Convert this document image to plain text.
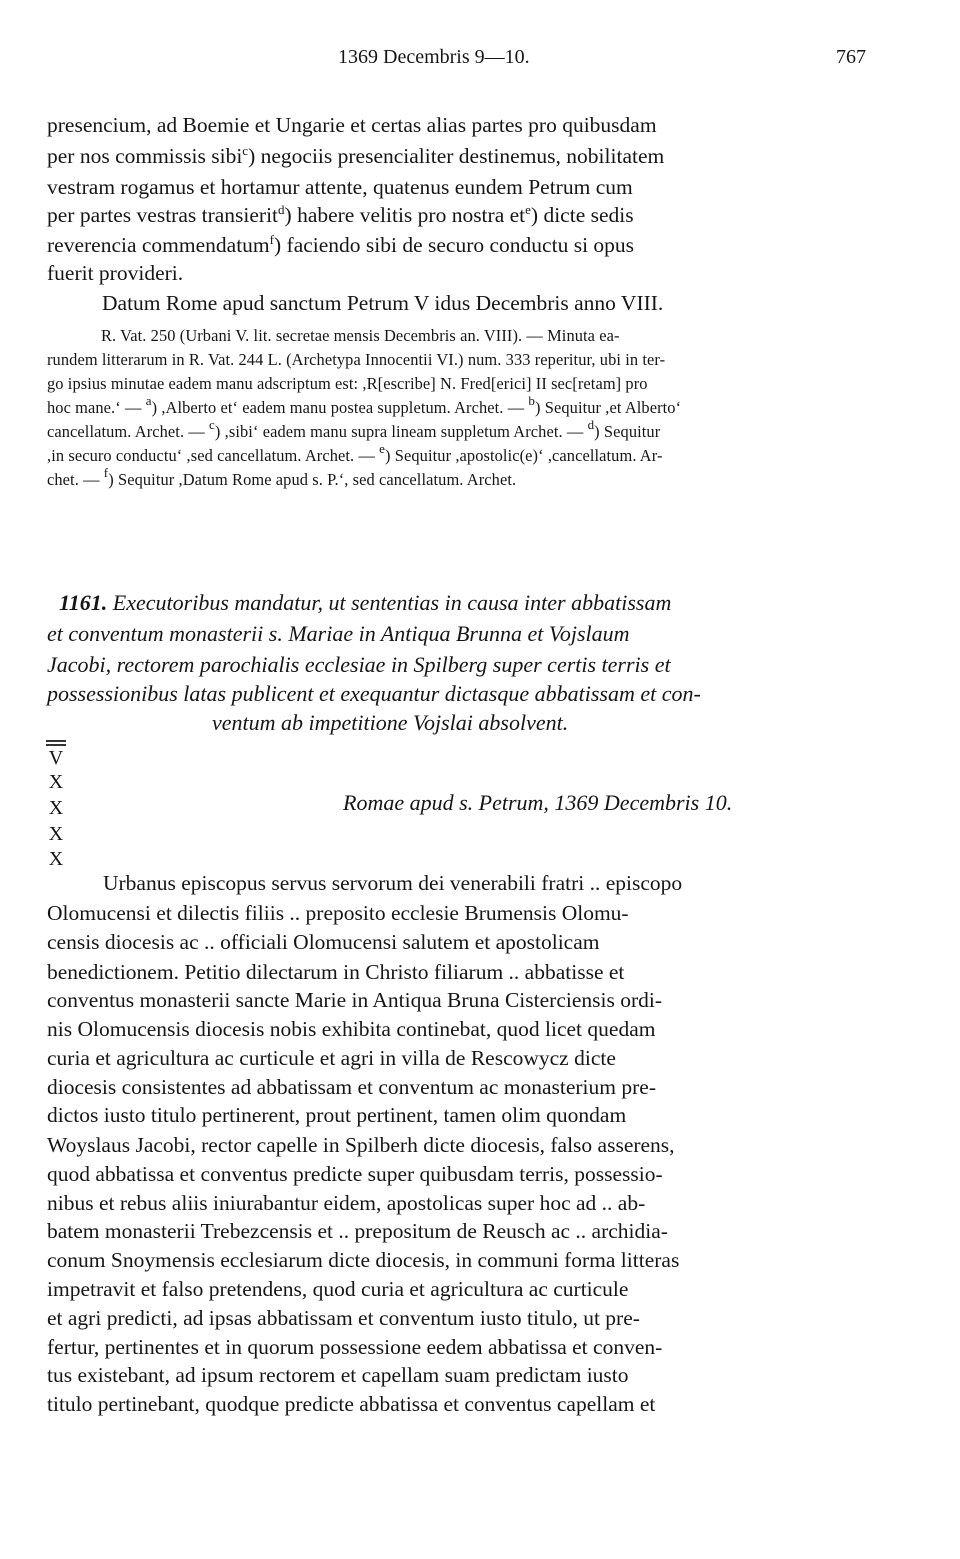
1369 Decembris 9—10.	767
presencium, ad Boemie et Ungarie et certas alias partes pro quibusdam
per nos commissis sibi$^c$) negociis presencialiter destinemus, nobilitatem
vestram rogamus et hortamur attente, quatenus eundem Petrum cum
per partes vestras transierit$^d$) habere velitis pro nostra $et^e$) dicte sedis
reverencia commendatum$^f$) faciendo sibi de securo conductu si opus
fuerit provideri.
Datum Rome apud sanctum Petrum V idus Decembris anno VIII.
R. Vat. 250 (Urbani V. lit. secretae mensis Decembris an. VIII). — Minuta ea-
rundem litterarum in R. Vat. 244 L. (Archetypa Innocentii VI.) num. 333 reperitur, ubi in ter-
go ipsius minutae eadem manu adscriptum est: ,R[escribe] N. Fred[erici] II sec[retam] pro
hoc mane.‘ — $^a$) ,Alberto et‘ eadem manu postea suppletum. Archet. — $^b$) Sequitur ,et Alberto‘
cancellatum. Archet. — $^c$) ,sibi‘ eadem manu supra lineam suppletum Archet. — $^d$) Sequitur
,in securo conductu‘ ,sed cancellatum. Archet. — $^e$) Sequitur ,apostolic(e)‘ ,cancellatum. Ar-
chet. — $^f$) Sequitur ,Datum Rome apud s. P.‘, sed cancellatum. Archet.
1161. Executoribus mandatur, ut sententias in causa inter abbatissam
et conventum monasterii s. Mariae in Antiqua Brunna et Vojslaum
Jacobi, rectorem parochialis ecclesiae in Spilberg super certis terris et
possessionibus latas publicent et exequantur dictasque abbatissam et con-
ventum ab impetitione Vojslai absolvent.
V
X
X
X
X
Romae apud s. Petrum, 1369 Decembris 10.
Urbanus episcopus servus servorum dei venerabili fratri .. episcopo
Olomucensi et dilectis filiis .. preposito ecclesie Brumensis Olomu-
censis diocesis ac .. officiali Olomucensi salutem et apostolicam
benedictionem. Petitio dilectarum in Christo filiarum .. abbatisse et
conventus monasterii sancte Marie in Antiqua Bruna Cisterciensis ordi-
nis Olomucensis diocesis nobis exhibita continebat, quod licet quedam
curia et agricultura ac curticule et agri in villa de Rescowycz dicte
diocesis consistentes ad abbatissam et conventum ac monasterium pre-
dictos iusto titulo pertinerent, prout pertinent, tamen olim quondam
Woyslaus Jacobi, rector capelle in Spilberh dicte diocesis, falso asserens,
quod abbatissa et conventus predicte super quibusdam terris, possessio-
nibus et rebus aliis iniurabantur eidem, apostolicas super hoc ad .. ab-
batem monasterii Trebezcensis et .. prepositum de Reusch ac .. archidia-
conum Snoymensis ecclesiarum dicte diocesis, in communi forma litteras
impetravit et falso pretendens, quod curia et agricultura ac curticule
et agri predicti, ad ipsas abbatissam et conventum iusto titulo, ut pre-
fertur, pertinentes et in quorum possessione eedem abbatissa et conven-
tus existebant, ad ipsum rectorem et capellam suam predictam iusto
titulo pertinebant, quodque predicte abbatissa et conventus capellam et
